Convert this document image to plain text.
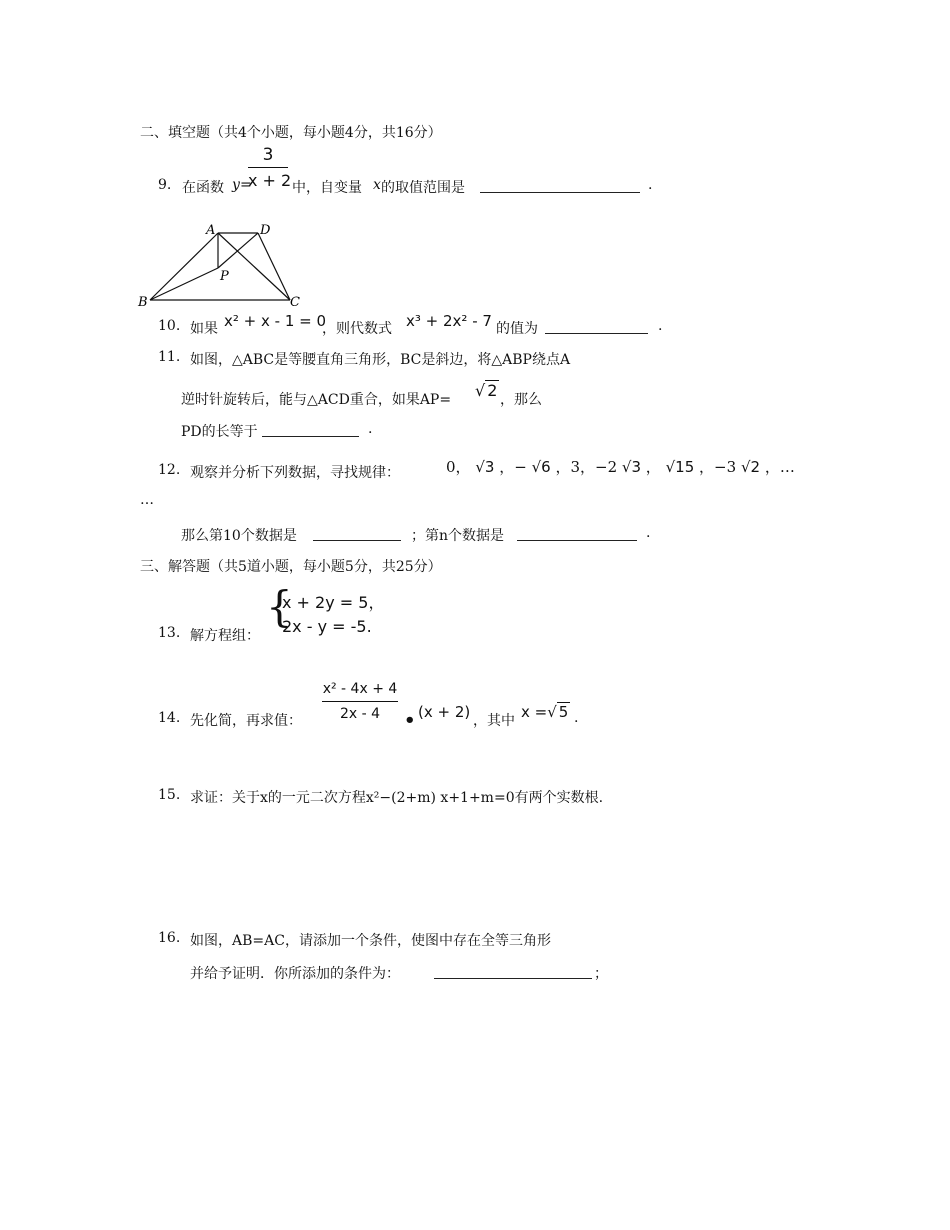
二、填空题（共4个小题，每小题4分，共16分）
9. 在函数 y =
3
x + 2 中，自变量 x 的取值范围是	.
A	D
P
B	C
10. 如果 x² + x - 1 = 0
，则代数式 x³ + 2x² - 7 的值为	.
11. 如图，△ABC是等腰直角三角形，BC是斜边，将△ABP绕点A
逆时针旋转后，能与△ACD重合，如果AP= √ 2 ，那么
PD的长等于	.
12. 观察并分析下列数据，寻找规律：	0， √3 ，− √6 ，3，−2 √3 ， √15 ，−3 √2 ，…
…
那么第10个数据是	；第n个数据是	.
三、解答题（共5道小题，每小题5分，共25分）
13. 解方程组：
{
x + 2y = 5，
2x - y = -5.
14. 先化简，再求值：
x² - 4x + 4
2x - 4	• (x + 2) ，其中 x =√ 5 .
15. 求证：关于x的一元二次方程x²−(2+m) x+1+m=0有两个实数根.
16. 如图，AB=AC，请添加一个条件，使图中存在全等三角形
并给予证明．你所添加的条件为：	；
